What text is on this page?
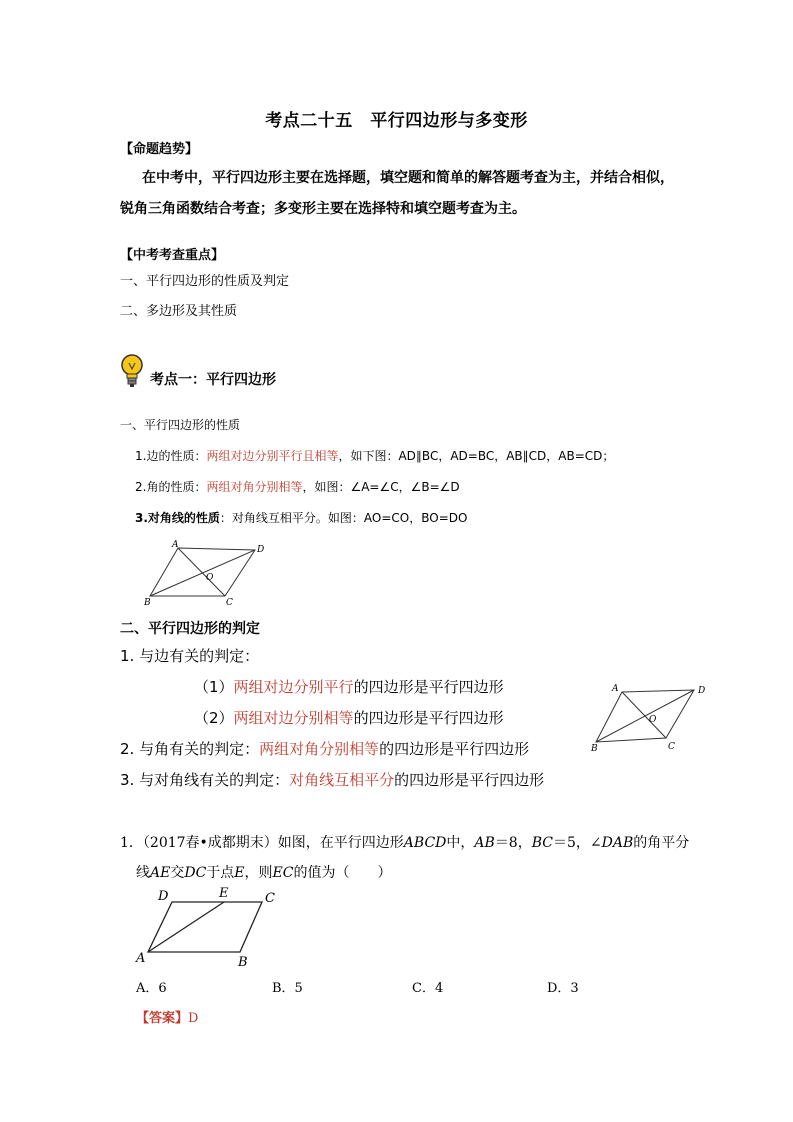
考点二十五　平行四边形与多变形
【命题趋势】
在中考中，平行四边形主要在选择题，填空题和简单的解答题考查为主，并结合相似，
锐角三角函数结合考查；多变形主要在选择特和填空题考查为主。
【中考考查重点】
一、平行四边形的性质及判定
二、多边形及其性质
考点一：平行四边形
一、平行四边形的性质
1.边的性质：两组对边分别平行且相等，如下图：AD∥BC，AD=BC，AB∥CD，AB=CD；
2.角的性质：两组对角分别相等，如图：∠A=∠C，∠B=∠D
3.对角线的性质：对角线互相平分。如图：AO=CO，BO=DO
A	D
B	C
O
二、平行四边形的判定
1. 与边有关的判定：
（1）两组对边分别平行的四边形是平行四边形
（2）两组对边分别相等的四边形是平行四边形
2. 与角有关的判定：两组对角分别相等的四边形是平行四边形
3. 与对角线有关的判定：对角线互相平分的四边形是平行四边形
A	D
B	C
O
1．（2017春•成都期末）如图，在平行四边形ABCD中，AB＝8，BC＝5，∠DAB的角平分
线AE交DC于点E，则EC的值为（　　）
D	E	C
A	B
A．6	B．5	C．4	D．3
【答案】D
